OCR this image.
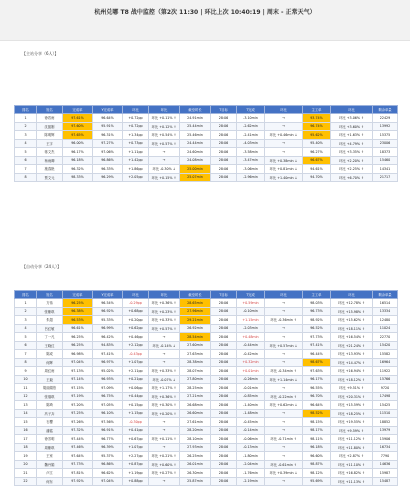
杭州兑哪 T8 战中监控（第2次 11:30 | 环比上次 10:40:19 | 周末 - 正常天气）
【主站分享（6人）】
排名	姓名	完成率	Y完成率	环比	环比	截至时长	T目标	T完成	环比	主工单	环比	剩余单量
1	徐若雨	97.61%	96.64%	+0.72pp	环比 +0.11% ↑	24.91min	28:06	-3.10min	→	93.74%	环比 +3.06% ↑	22429
2	沈振刚	97.60%	95.91%	+0.72pp	环比 +0.12% ↑	25.44min	28:06	-2.62min	→	96.74%	环比 +3.60% ↑	13992
3	陈明辉	97.65%	96.31%	+1.34pp	环比 +0.54% ↑	25.46min	28:06	-2.41min	环比 +0.46min ↓	95.62%	环比 +1.63% ↑	15375
4	王宇	96.00%	97.27%	+0.73pp	环比 +0.57% ↑	24.44min	28:06	-4.03min	→	95.40%	环比 +4.79% ↑	23006
5	蒋文杰	96.17%	97.06%	+1.11pp	→	24.60min	28:06	-3.58min	→	96.27%	环比 +3.35% ↑	18373
6	杨雨卿	96.18%	96.86%	+1.42pp	→	24.08min	28:06	-3.47min	环比 +0.38min ↓	96.67%	环比 +2.20% ↑	15460
7	施春艳	96.32%	96.33%	+1.86pp	环比 -0.30% ↓	25.00min	28:06	-3.06min	环比 +0.81min ↓	94.61%	环比 +2.25% ↑	14341
8	贾文元	98.33%	96.29%	+2.05pp	环比 +0.15% ↑	25.07min	28:06	-2.96min	环比 +1.40min ↓	94.70%	环比 +6.70% ↑	21717
【自动分享（24人）】
排名	姓名	完成率	Y完成率	环比	环比	截至时长	T目标	T完成	环比	主工单	环比	剩余单量
1	方伟	96.25%	96.54%	-0.29pp	环比 +0.36% ↑	28.65min	28:06	+0.59min	→	98.03%	环比 +12.78% ↑	16514
2	张紫琪	96.38%	96.92%	+0.68pp	环比 +0.23% ↑	27.96min	28:06	-0.10min	→	96.73%	环比 +15.98% ↑	13334
3	朱超	96.53%	95.33%	+0.20pp	环比 +0.33% ↑	29.21min	28:06	+1.15min	环比 -0.36min ↑	98.92%	环比 +15.62% ↑	12480
4	吕红敏	96.61%	96.99%	+0.62pp	环比 +0.57% ↑	26.92min	28:06	-2.03min	→	96.52%	环比 +18.11% ↑	11024
5	丁一凡	96.25%	96.42%	+0.46pp	→	28.54min	28:06	+0.48min	→	97.73%	环比 +16.54% ↑	22770
6	王晓红	96.25%	94.83%	+2.12pp	环比 -0.14% ↓	27.60min	28:06	-0.44min	环比 +0.57min ↓	97.41%	环比 +21.24% ↑	15420
7	陈成	96.98%	97.41%	-0.43pp	→	27.63min	28:06	-0.42min	→	96.44%	环比 +13.93% ↑	15582
8	何辉	97.04%	96.97%	+1.07pp	→	28.38min	28:06	+0.32min	→	98.67%	环比 +14.47% ↑	16964
9	周红雨	97.13%	95.02%	+2.11pp	环比 +0.33% ↑	28.07min	28:06	+0.01min	环比 -0.34min ↑	97.63%	环比 +16.94% ↑	11922
10	王毅	97.14%	96.93%	+0.21pp	环比 -0.07% ↓	27.80min	28:06	-0.26min	环比 +1.14min ↓	96.17%	环比 +18.12% ↑	15766
11	胡丽娟伯	97.15%	97.09%	+0.06pp	环比 +1.17% ↑	28.25min	28:06	-0.01min	→	96.55%	环比 +9.51% ↑	9720
12	张瑞琪	97.19%	96.75%	+0.44pp	环比 +0.36% ↑	27.21min	28:06	-0.85min	环比 -0.22min ↑	96.70%	环比 +20.31% ↑	17498
13	陈琦	97.20%	97.05%	+0.15pp	环比 +0.30% ↑	26.68min	28:06	-1.40min	环比 +0.62min ↓	96.64%	环比 +15.59% ↑	15425
14	冯子卉	97.25%	96.10%	+1.15pp	环比 +0.20% ↑	26.60min	28:06	-1.48min	→	98.52%	环比 +18.25% ↑	11510
15	石樱	97.26%	97.56%	-0.30pp	→	27.61min	28:06	-0.45min	→	98.15%	环比 +19.55% ↑	18852
16	潘铭	97.32%	96.91%	+0.41pp	→	28.20min	28:06	-0.14min	→	98.17%	环比 +9.59% ↑	13979
17	徐芳明	97.44%	96.77%	+0.67pp	环比 +0.11% ↑	28.10min	28:06	-0.06min	环比 -0.71min ↑	98.11%	环比 +11.12% ↑	15906
18	周紫琪	97.46%	96.39%	+1.07pp	→	27.93min	28:06	-0.13min	→	96.18%	环比 +11.80% ↑	16734
19	王家	97.64%	95.37%	+2.27pp	环比 +0.21% ↑	26.25min	28:06	-1.80min	→	96.60%	环比 +2.87% ↑	7790
20	魏丹娟	97.73%	96.86%	+0.87pp	环比 +0.60% ↑	26.01min	28:06	-2.04min	环比 -0.61min ↑	98.87%	环比 +11.10% ↑	14636
21	卢江	97.81%	96.62%	+1.19pp	环比 +0.27% ↑	26.30min	28:06	-1.76min	环比 +0.39min ↓	98.12%	环比 +16.82% ↑	15987
22	何东	97.92%	97.04%	+0.88pp	→	25.87min	28:06	-2.19min	→	95.69%	环比 +11.13% ↑	15487
